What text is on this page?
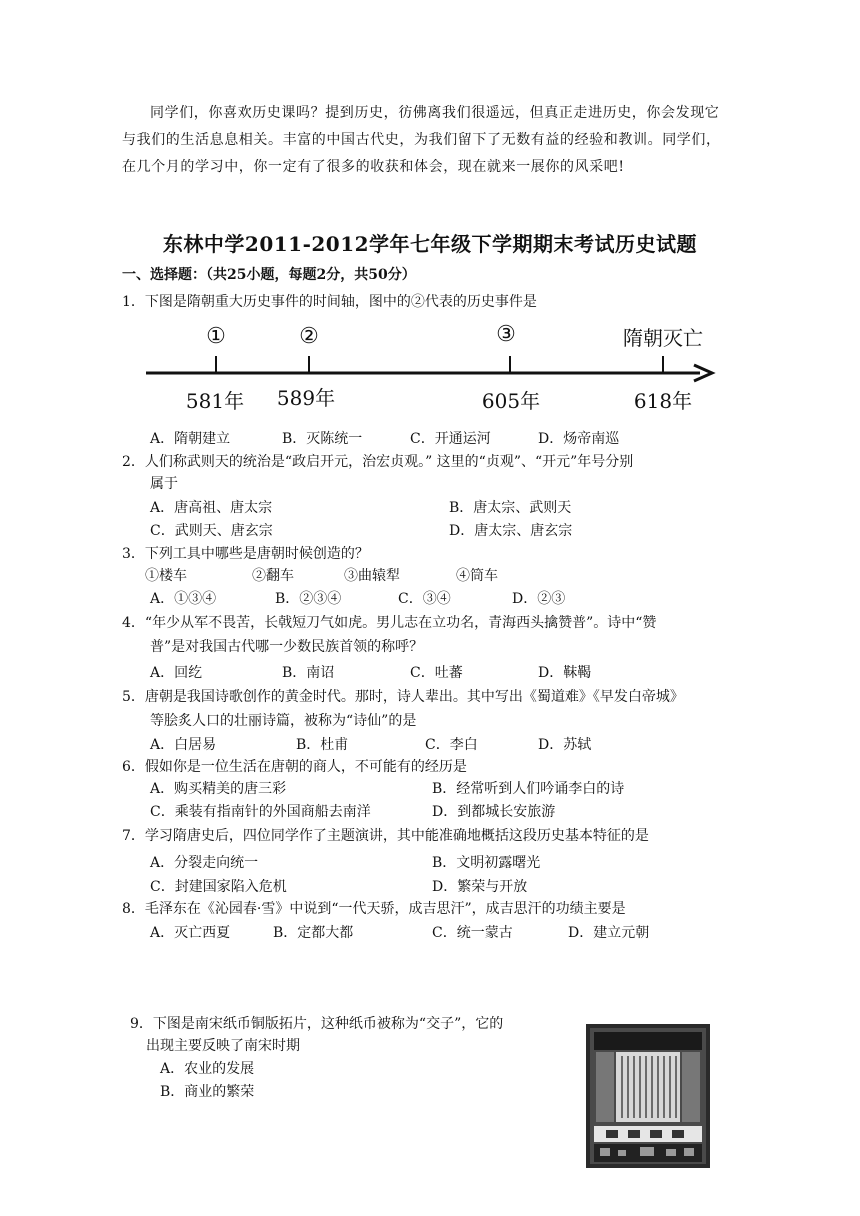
同学们，你喜欢历史课吗？提到历史，彷佛离我们很遥远，但真正走进历史，你会发现它与我们的生活息息相关。丰富的中国古代史，为我们留下了无数有益的经验和教训。同学们，在几个月的学习中，你一定有了很多的收获和体会，现在就来一展你的风采吧!

东林中学2011-2012学年七年级下学期期末考试历史试题
一、选择题：（共25小题，每题2分，共50分）
1．下图是隋朝重大历史事件的时间轴，图中的②代表的历史事件是
①	②	③	隋朝灭亡
581年 589年	605年	618年
A．隋朝建立	B．灭陈统一	C．开通运河	D．炀帝南巡
2．人们称武则天的统治是“政启开元，治宏贞观。” 这里的“贞观”、“开元”年号分别
属于
A．唐高祖、唐太宗	B．唐太宗、武则天
C．武则天、唐玄宗	D．唐太宗、唐玄宗
3．下列工具中哪些是唐朝时候创造的？
①楼车	②翻车	③曲辕犁	④筒车
A．①③④	B．②③④	C．③④	D．②③
4．“年少从军不畏苦，长戟短刀气如虎。男儿志在立功名，青海西头擒赞普”。诗中“赞
普”是对我国古代哪一少数民族首领的称呼？
A．回纥	B．南诏	C．吐蕃	D．靺鞨
5．唐朝是我国诗歌创作的黄金时代。那时，诗人辈出。其中写出《蜀道难》《早发白帝城》
等脍炙人口的壮丽诗篇，被称为“诗仙”的是
A．白居易	B．杜甫	C．李白	D．苏轼
6．假如你是一位生活在唐朝的商人，不可能有的经历是
A．购买精美的唐三彩	B．经常听到人们吟诵李白的诗
C．乘装有指南针的外国商船去南洋	D．到都城长安旅游
7．学习隋唐史后，四位同学作了主题演讲，其中能准确地概括这段历史基本特征的是
A．分裂走向统一	B．文明初露曙光
C．封建国家陷入危机	D．繁荣与开放
8．毛泽东在《沁园春·雪》中说到“一代天骄，成吉思汗”，成吉思汗的功绩主要是
A．灭亡西夏	B．定都大都	C．统一蒙古	D．建立元朝
9．下图是南宋纸币铜版拓片，这种纸币被称为“交子”，它的
出现主要反映了南宋时期
A．农业的发展
B．商业的繁荣
